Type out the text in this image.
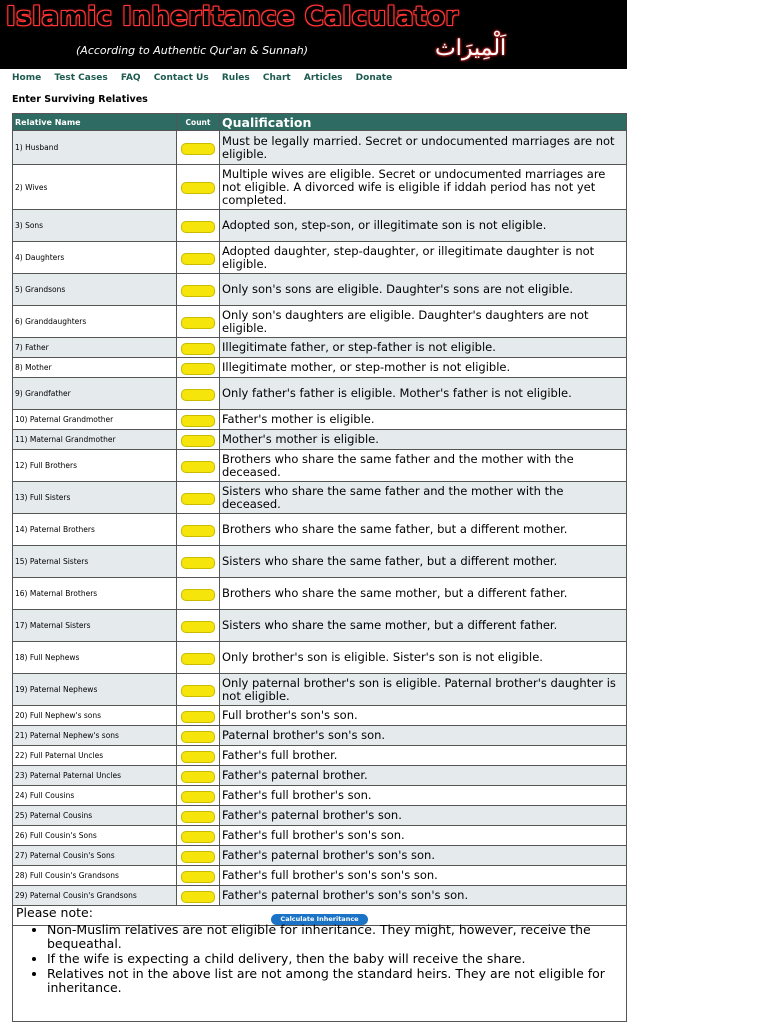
Islamic Inheritance Calculator
(According to Authentic Qur'an & Sunnah)	اَلْمِيرَاث
Home Test Cases FAQ Contact Us Rules Chart Articles Donate
Enter Surviving Relatives
Relative Name	Count	Qualification
1) Husband		Must be legally married. Secret or undocumented marriages are not eligible.
2) Wives		Multiple wives are eligible. Secret or undocumented marriages are not eligible. A divorced wife is eligible if iddah period has not yet completed.
3) Sons		Adopted son, step-son, or illegitimate son is not eligible.
4) Daughters		Adopted daughter, step-daughter, or illegitimate daughter is not eligible.
5) Grandsons		Only son's sons are eligible. Daughter's sons are not eligible.
6) Granddaughters		Only son's daughters are eligible. Daughter's daughters are not eligible.
7) Father		Illegitimate father, or step-father is not eligible.
8) Mother		Illegitimate mother, or step-mother is not eligible.
9) Grandfather		Only father's father is eligible. Mother's father is not eligible.
10) Paternal Grandmother		Father's mother is eligible.
11) Maternal Grandmother		Mother's mother is eligible.
12) Full Brothers		Brothers who share the same father and the mother with the deceased.
13) Full Sisters		Sisters who share the same father and the mother with the deceased.
14) Paternal Brothers		Brothers who share the same father, but a different mother.
15) Paternal Sisters		Sisters who share the same father, but a different mother.
16) Maternal Brothers		Brothers who share the same mother, but a different father.
17) Maternal Sisters		Sisters who share the same mother, but a different father.
18) Full Nephews		Only brother's son is eligible. Sister's son is not eligible.
19) Paternal Nephews		Only paternal brother's son is eligible. Paternal brother's daughter is not eligible.
20) Full Nephew's sons		Full brother's son's son.
21) Paternal Nephew's sons		Paternal brother's son's son.
22) Full Paternal Uncles		Father's full brother.
23) Paternal Paternal Uncles		Father's paternal brother.
24) Full Cousins		Father's full brother's son.
25) Paternal Cousins		Father's paternal brother's son.
26) Full Cousin's Sons		Father's full brother's son's son.
27) Paternal Cousin's Sons		Father's paternal brother's son's son.
28) Full Cousin's Grandsons		Father's full brother's son's son's son.
29) Paternal Cousin's Grandsons		Father's paternal brother's son's son's son.
Calculate Inheritance		
Please note:
• Non-Muslim relatives are not eligible for inheritance. They might, however, receive the bequeathal.
• If the wife is expecting a child delivery, then the baby will receive the share.
• Relatives not in the above list are not among the standard heirs. They are not eligible for inheritance.
